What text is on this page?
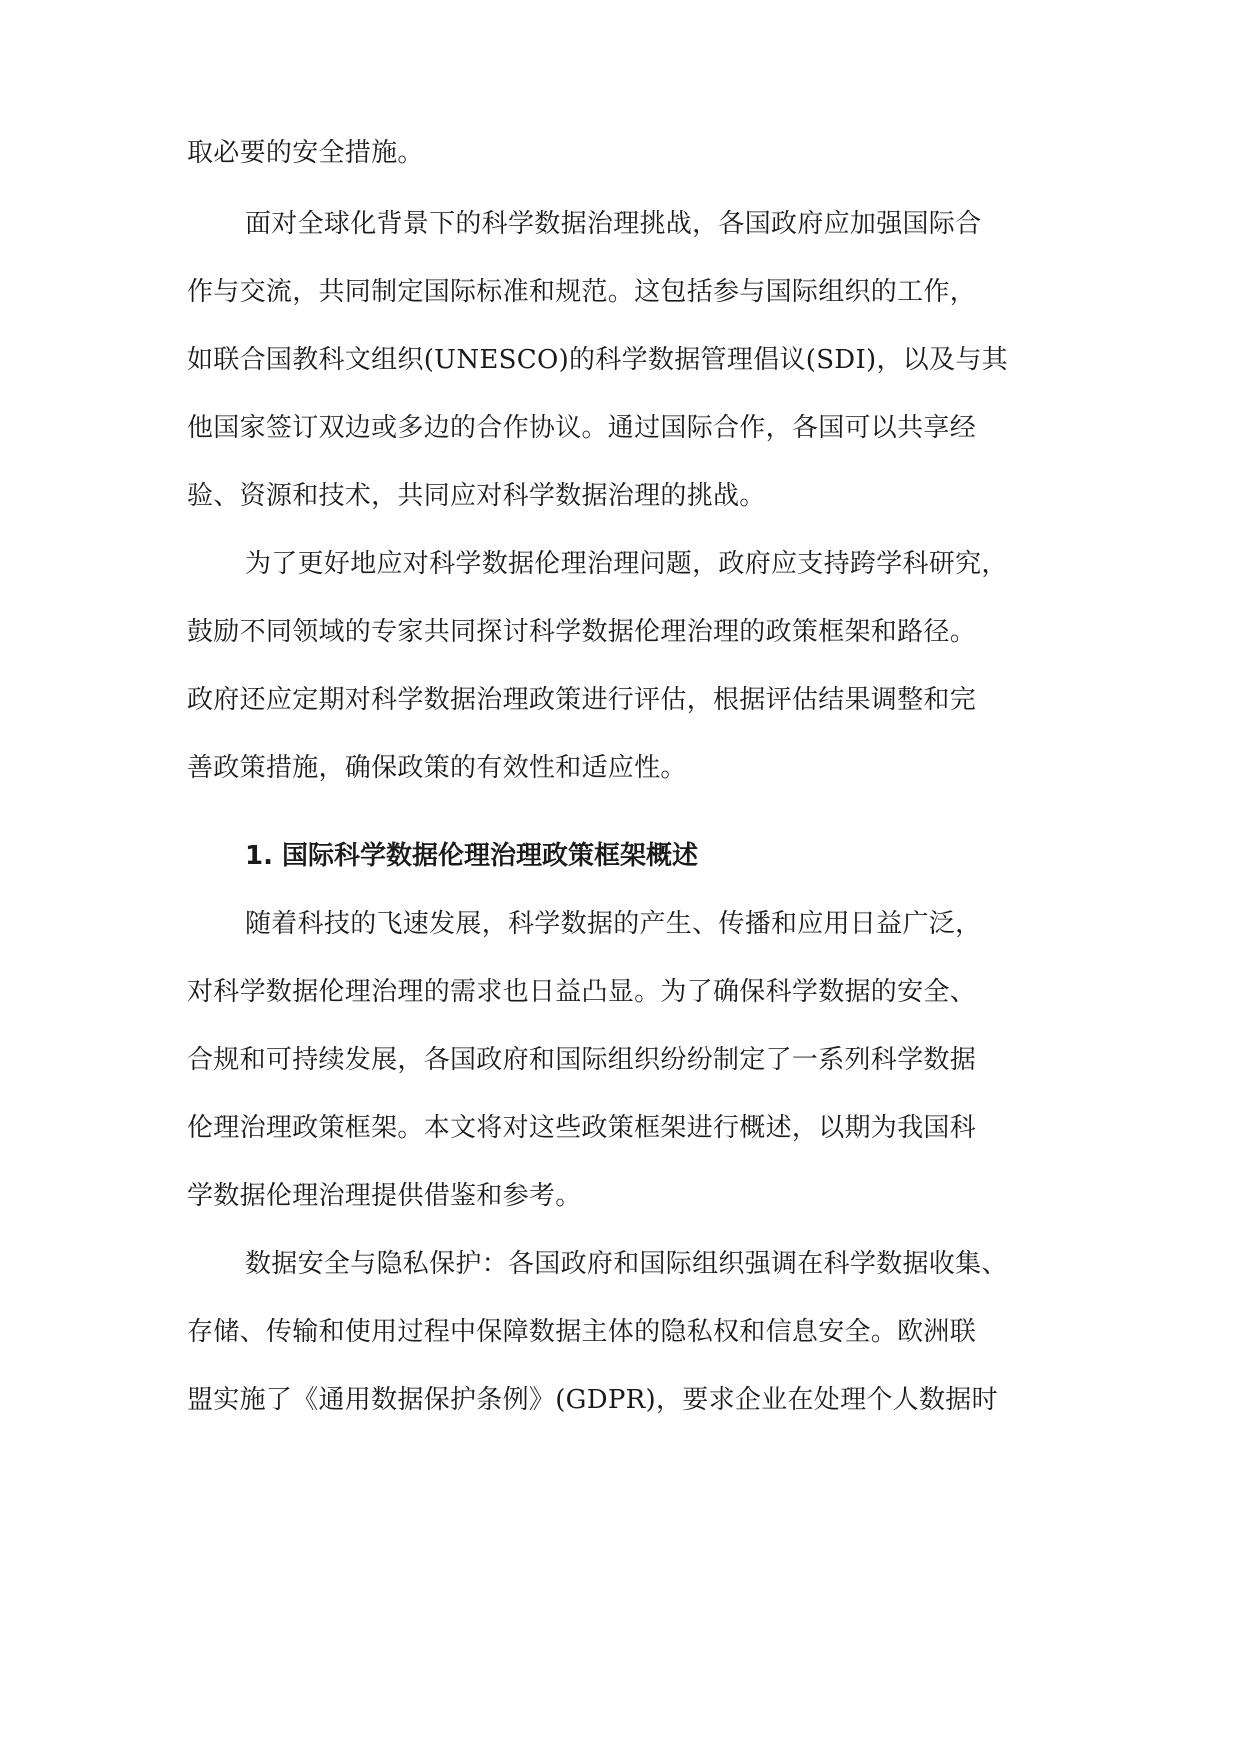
取必要的安全措施。
面对全球化背景下的科学数据治理挑战，各国政府应加强国际合
作与交流，共同制定国际标准和规范。这包括参与国际组织的工作，
如联合国教科文组织(UNESCO)的科学数据管理倡议(SDI)，以及与其
他国家签订双边或多边的合作协议。通过国际合作，各国可以共享经
验、资源和技术，共同应对科学数据治理的挑战。
为了更好地应对科学数据伦理治理问题，政府应支持跨学科研究，
鼓励不同领域的专家共同探讨科学数据伦理治理的政策框架和路径。
政府还应定期对科学数据治理政策进行评估，根据评估结果调整和完
善政策措施，确保政策的有效性和适应性。
1. 国际科学数据伦理治理政策框架概述
随着科技的飞速发展，科学数据的产生、传播和应用日益广泛，
对科学数据伦理治理的需求也日益凸显。为了确保科学数据的安全、
合规和可持续发展，各国政府和国际组织纷纷制定了一系列科学数据
伦理治理政策框架。本文将对这些政策框架进行概述，以期为我国科
学数据伦理治理提供借鉴和参考。
数据安全与隐私保护：各国政府和国际组织强调在科学数据收集、
存储、传输和使用过程中保障数据主体的隐私权和信息安全。欧洲联
盟实施了《通用数据保护条例》(GDPR)，要求企业在处理个人数据时
